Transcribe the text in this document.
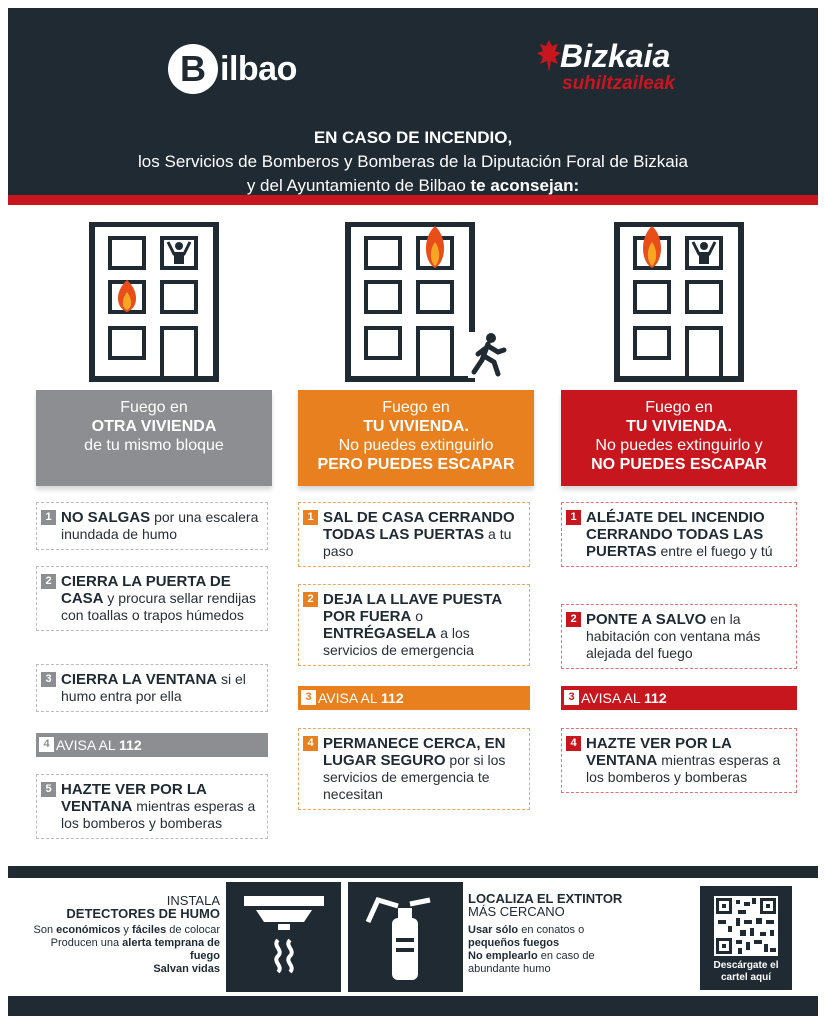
B ilbao	Bizkaia
suhiltzaileak
EN CASO DE INCENDIO,
los Servicios de Bomberos y Bomberas de la Diputación Foral de Bizkaia
y del Ayuntamiento de Bilbao te aconsejan:
Fuego en
OTRA VIVIENDA
de tu mismo bloque
1 NO SALGAS por una escalera inundada de humo
2 CIERRA LA PUERTA DE CASA y procura sellar rendijas con toallas o trapos húmedos
3 CIERRA LA VENTANA si el humo entra por ella
4 AVISA AL 112
5 HAZTE VER POR LA VENTANA mientras esperas a los bomberos y bomberas
Fuego en
TU VIVIENDA.
No puedes extinguirlo
PERO PUEDES ESCAPAR
1 SAL DE CASA CERRANDO TODAS LAS PUERTAS a tu paso
2 DEJA LA LLAVE PUESTA POR FUERA o ENTRÉGASELA a los servicios de emergencia
3 AVISA AL 112
4 PERMANECE CERCA, EN LUGAR SEGURO por si los servicios de emergencia te necesitan
Fuego en
TU VIVIENDA.
No puedes extinguirlo y
NO PUEDES ESCAPAR
1 ALÉJATE DEL INCENDIO CERRANDO TODAS LAS PUERTAS entre el fuego y tú
2 PONTE A SALVO en la habitación con ventana más alejada del fuego
3 AVISA AL 112
4 HAZTE VER POR LA VENTANA mientras esperas a los bomberos y bomberas
INSTALA
DETECTORES DE HUMO
Son económicos y fáciles de colocar
Producen una alerta temprana de fuego
Salvan vidas
LOCALIZA EL EXTINTOR
MÁS CERCANO
Usar sólo en conatos o
pequeños fuegos
No emplearlo en caso de abundante humo	Descárgate el cartel aquí
